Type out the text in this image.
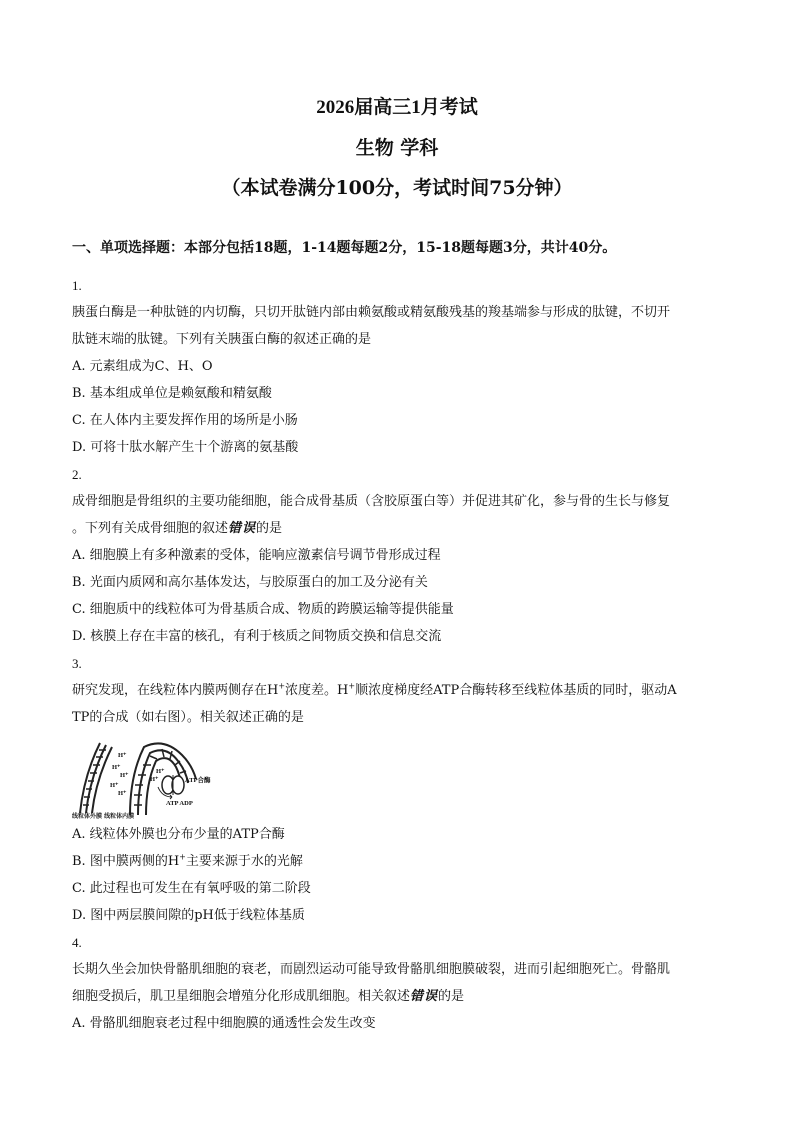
2026届高三1月考试
生物 学科
（本试卷满分100分，考试时间75分钟）
一、单项选择题：本部分包括18题，1-14题每题2分，15-18题每题3分，共计40分。
1.
胰蛋白酶是一种肽链的内切酶，只切开肽链内部由赖氨酸或精氨酸残基的羧基端参与形成的肽键，不切开
肽链末端的肽键。下列有关胰蛋白酶的叙述正确的是
A. 元素组成为C、H、O
B. 基本组成单位是赖氨酸和精氨酸
C. 在人体内主要发挥作用的场所是小肠
D. 可将十肽水解产生十个游离的氨基酸
2.
成骨细胞是骨组织的主要功能细胞，能合成骨基质（含胶原蛋白等）并促进其矿化，参与骨的生长与修复
。下列有关成骨细胞的叙述错误的是
A. 细胞膜上有多种激素的受体，能响应激素信号调节骨形成过程
B. 光面内质网和高尔基体发达，与胶原蛋白的加工及分泌有关
C. 细胞质中的线粒体可为骨基质合成、物质的跨膜运输等提供能量
D. 核膜上存在丰富的核孔，有利于核质之间物质交换和信息交流
3.
研究发现，在线粒体内膜两侧存在H+浓度差。H+顺浓度梯度经ATP合酶转移至线粒体基质的同时，驱动A
TP的合成（如右图）。相关叙述正确的是
H⁺
H⁺
H⁺
H⁺
H⁺
H⁺
H⁺	ATP合酶
ATP ADP
线粒体外膜 线粒体内膜
A. 线粒体外膜也分布少量的ATP合酶
B. 图中膜两侧的H+主要来源于水的光解
C. 此过程也可发生在有氧呼吸的第二阶段
D. 图中两层膜间隙的pH低于线粒体基质
4.
长期久坐会加快骨骼肌细胞的衰老，而剧烈运动可能导致骨骼肌细胞膜破裂，进而引起细胞死亡。骨骼肌
细胞受损后，肌卫星细胞会增殖分化形成肌细胞。相关叙述错误的是
A. 骨骼肌细胞衰老过程中细胞膜的通透性会发生改变
